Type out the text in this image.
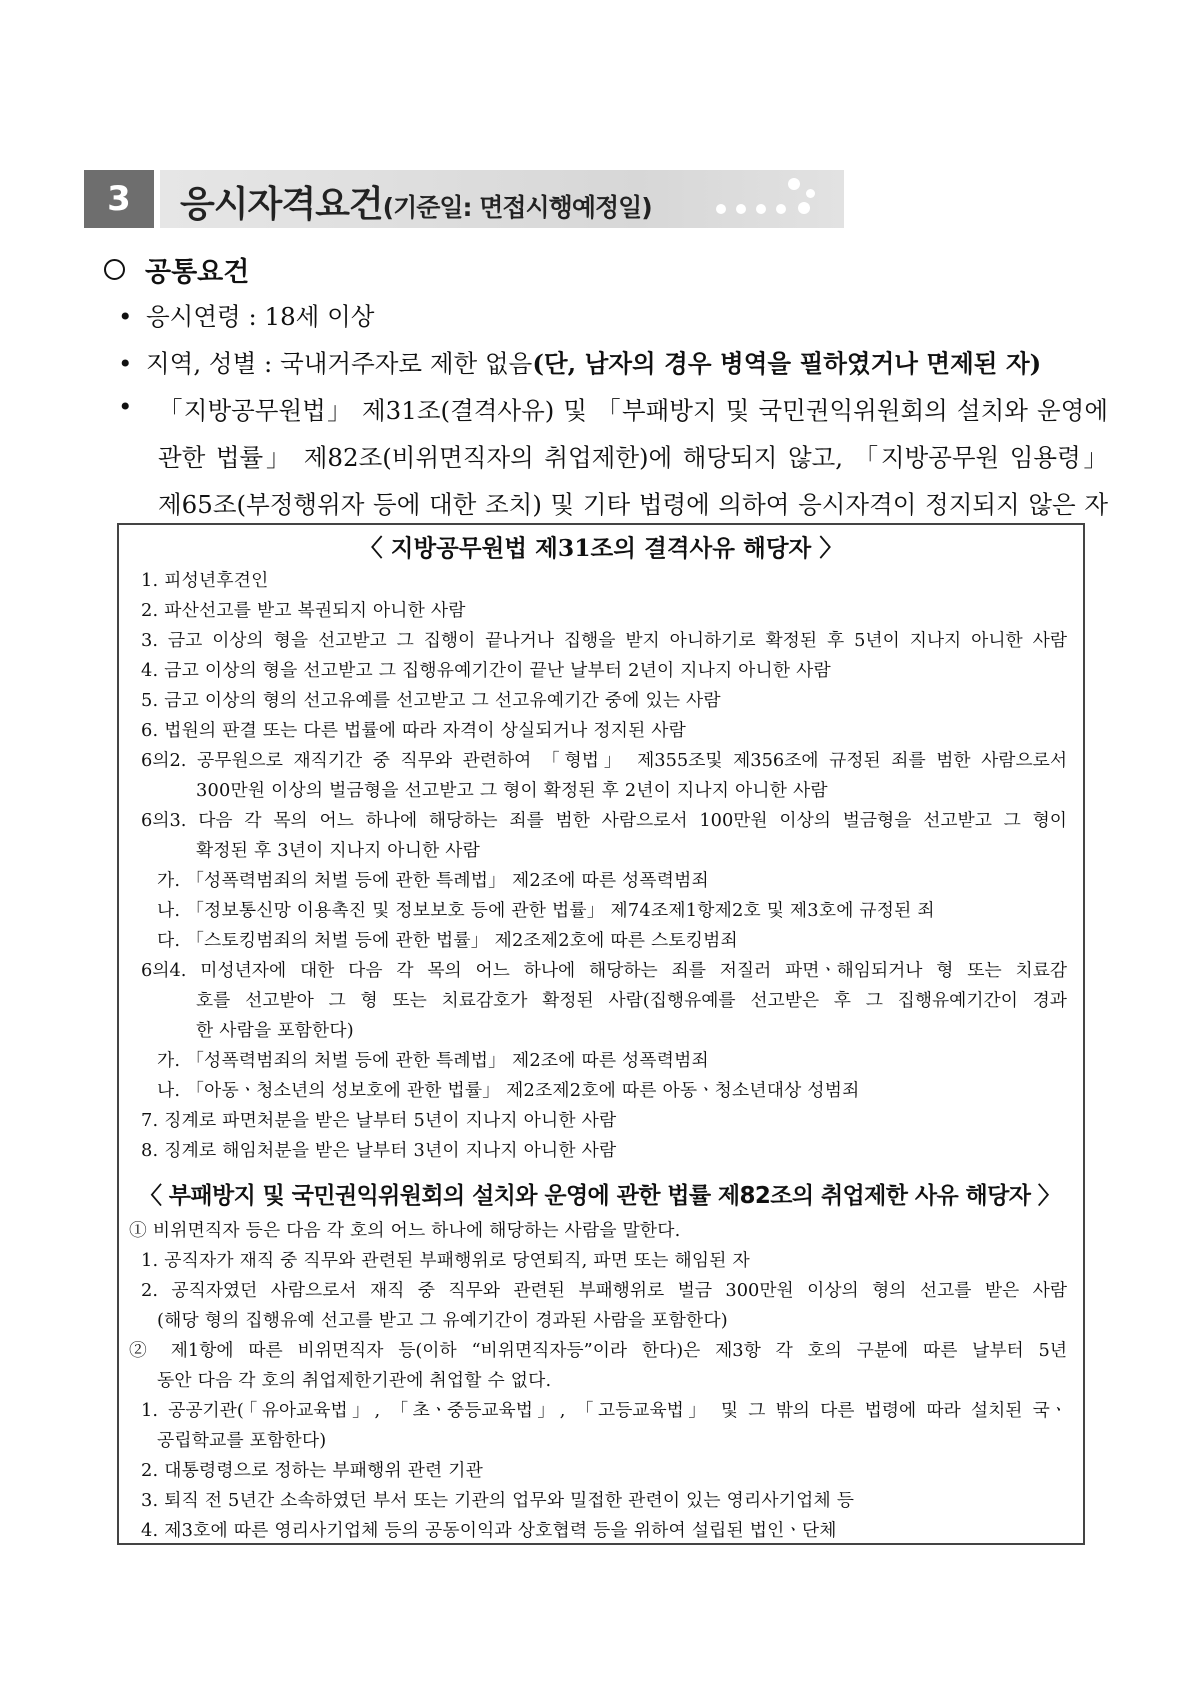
3	응시자격요건(기준일: 면접시행예정일)
공통요건
• 응시연령 : 18세 이상
• 지역, 성별 : 국내거주자로 제한 없음(단, 남자의 경우 병역을 필하였거나 면제된 자)
•	「지방공무원법」 제31조(결격사유) 및 「부패방지 및 국민권익위원회의 설치와 운영에
관한 법률」 제82조(비위면직자의 취업제한)에 해당되지 않고, 「지방공무원 임용령」
제65조(부정행위자 등에 대한 조치) 및 기타 법령에 의하여 응시자격이 정지되지 않은 자
〈 지방공무원법 제31조의 결격사유 해당자 〉
1. 피성년후견인
2. 파산선고를 받고 복권되지 아니한 사람
3. 금고 이상의 형을 선고받고 그 집행이 끝나거나 집행을 받지 아니하기로 확정된 후 5년이 지나지 아니한 사람
4. 금고 이상의 형을 선고받고 그 집행유예기간이 끝난 날부터 2년이 지나지 아니한 사람
5. 금고 이상의 형의 선고유예를 선고받고 그 선고유예기간 중에 있는 사람
6. 법원의 판결 또는 다른 법률에 따라 자격이 상실되거나 정지된 사람
6의2. 공무원으로 재직기간 중 직무와 관련하여 「형법」 제355조및 제356조에 규정된 죄를 범한 사람으로서
300만원 이상의 벌금형을 선고받고 그 형이 확정된 후 2년이 지나지 아니한 사람
6의3. 다음 각 목의 어느 하나에 해당하는 죄를 범한 사람으로서 100만원 이상의 벌금형을 선고받고 그 형이
확정된 후 3년이 지나지 아니한 사람
가. 「성폭력범죄의 처벌 등에 관한 특례법」 제2조에 따른 성폭력범죄
나. 「정보통신망 이용촉진 및 정보보호 등에 관한 법률」 제74조제1항제2호 및 제3호에 규정된 죄
다. 「스토킹범죄의 처벌 등에 관한 법률」 제2조제2호에 따른 스토킹범죄
6의4. 미성년자에 대한 다음 각 목의 어느 하나에 해당하는 죄를 저질러 파면ㆍ해임되거나 형 또는 치료감
호를 선고받아 그 형 또는 치료감호가 확정된 사람(집행유예를 선고받은 후 그 집행유예기간이 경과
한 사람을 포함한다)
가. 「성폭력범죄의 처벌 등에 관한 특례법」 제2조에 따른 성폭력범죄
나. 「아동ㆍ청소년의 성보호에 관한 법률」 제2조제2호에 따른 아동ㆍ청소년대상 성범죄
7. 징계로 파면처분을 받은 날부터 5년이 지나지 아니한 사람
8. 징계로 해임처분을 받은 날부터 3년이 지나지 아니한 사람
〈 부패방지 및 국민권익위원회의 설치와 운영에 관한 법률 제82조의 취업제한 사유 해당자 〉
① 비위면직자 등은 다음 각 호의 어느 하나에 해당하는 사람을 말한다.
1. 공직자가 재직 중 직무와 관련된 부패행위로 당연퇴직, 파면 또는 해임된 자
2. 공직자였던 사람으로서 재직 중 직무와 관련된 부패행위로 벌금 300만원 이상의 형의 선고를 받은 사람
(해당 형의 집행유예 선고를 받고 그 유예기간이 경과된 사람을 포함한다)
② 제1항에 따른 비위면직자 등(이하 “비위면직자등”이라 한다)은 제3항 각 호의 구분에 따른 날부터 5년
동안 다음 각 호의 취업제한기관에 취업할 수 없다.
1. 공공기관(「유아교육법」, 「초ㆍ중등교육법」, 「고등교육법」 및 그 밖의 다른 법령에 따라 설치된 국ㆍ
공립학교를 포함한다)
2. 대통령령으로 정하는 부패행위 관련 기관
3. 퇴직 전 5년간 소속하였던 부서 또는 기관의 업무와 밀접한 관련이 있는 영리사기업체 등
4. 제3호에 따른 영리사기업체 등의 공동이익과 상호협력 등을 위하여 설립된 법인ㆍ단체
